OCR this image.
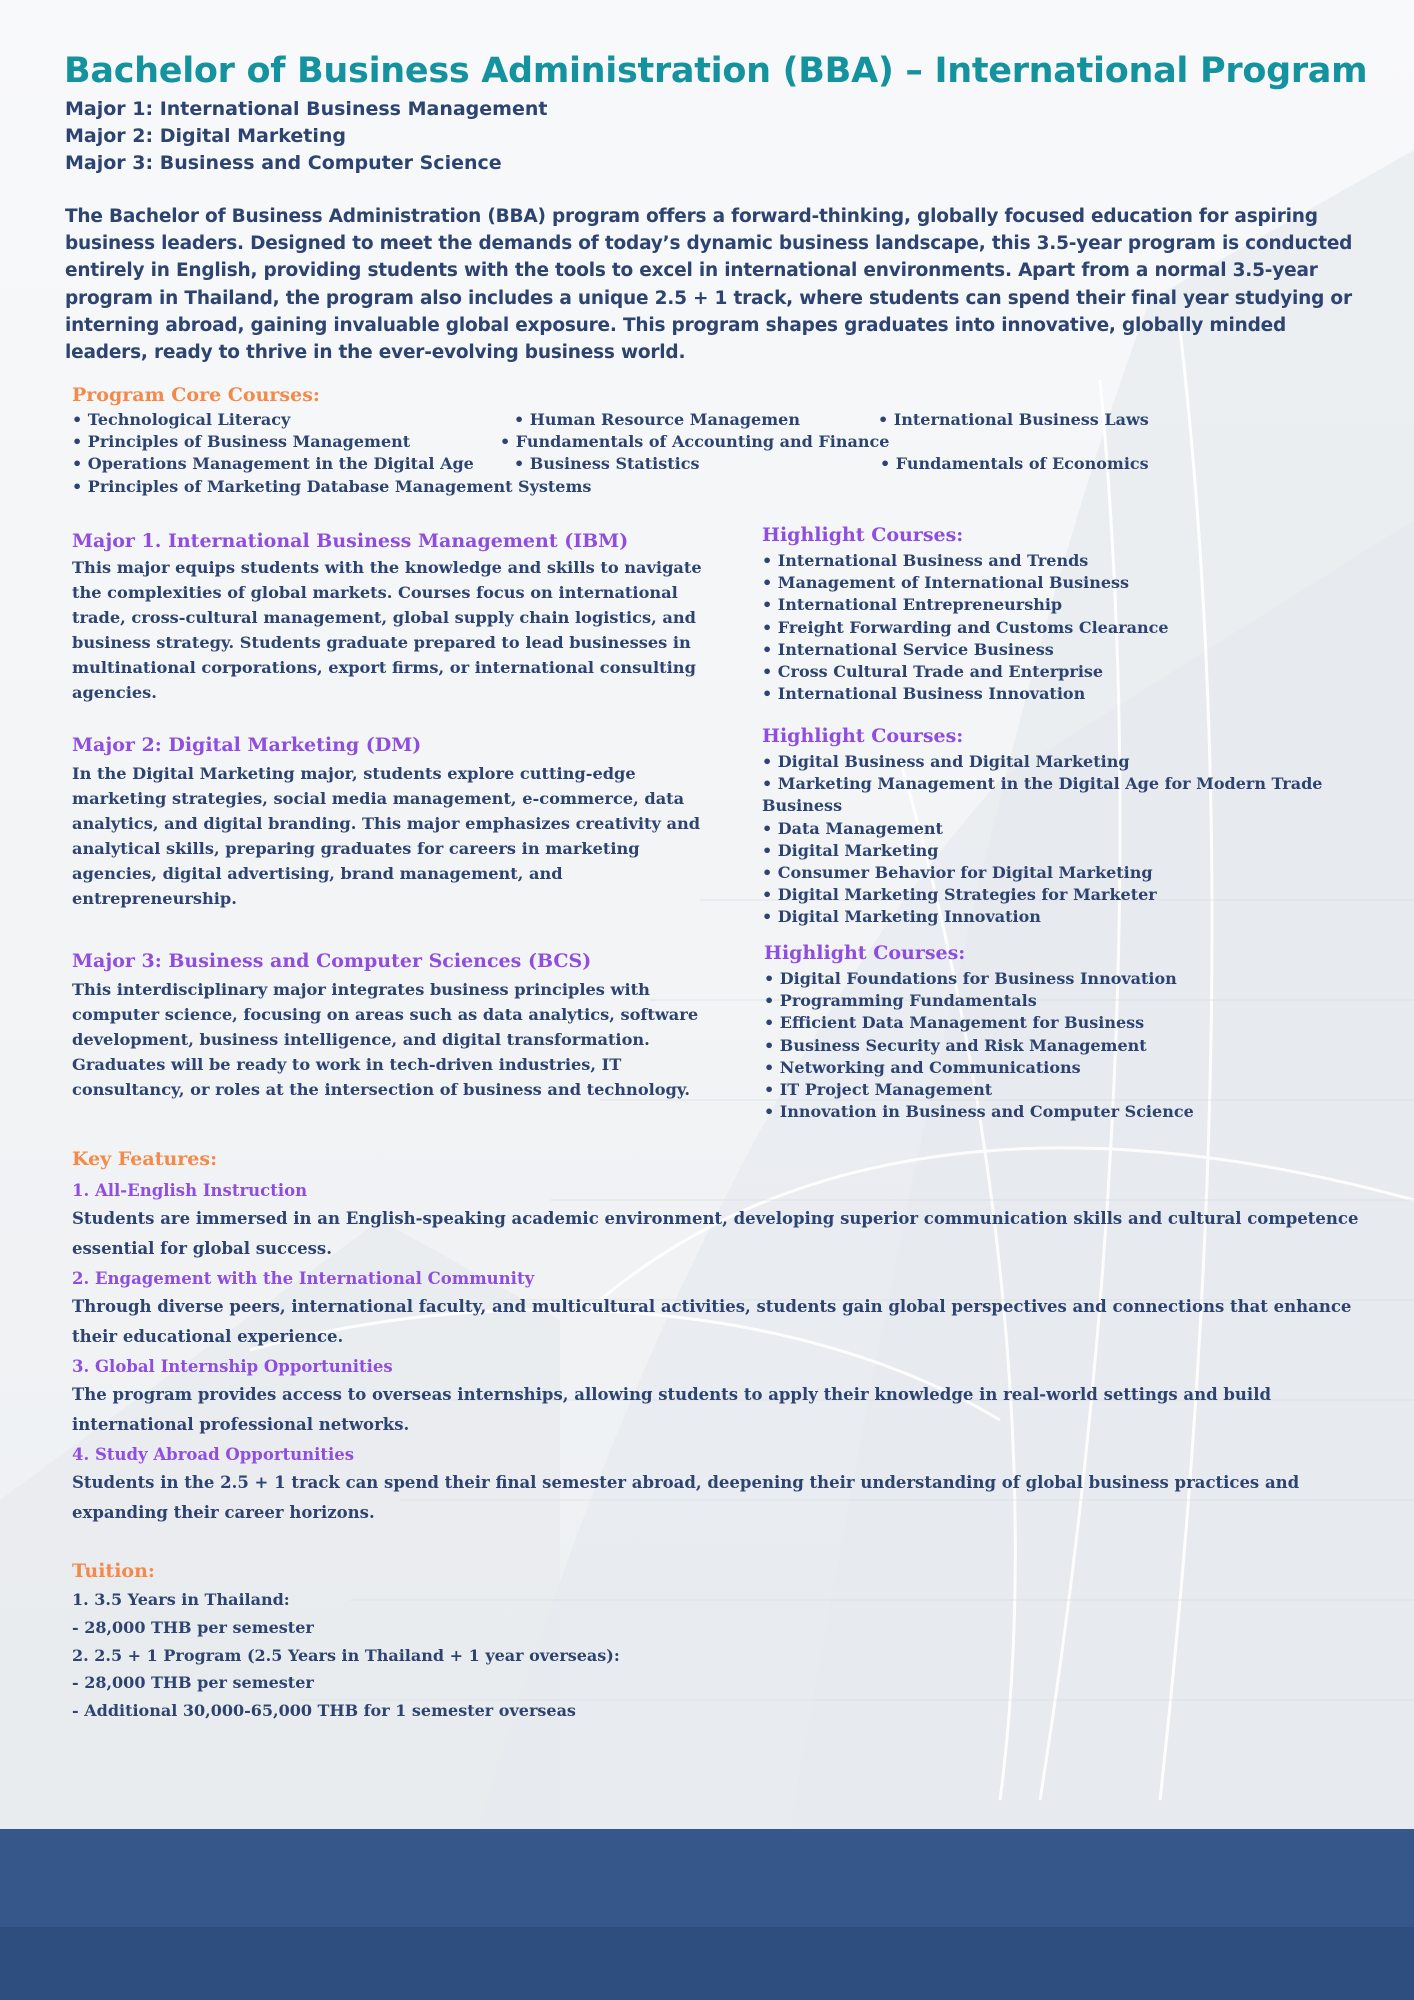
Bachelor of Business Administration (BBA) – International Program
Major 1: International Business Management
Major 2: Digital Marketing
Major 3: Business and Computer Science

The Bachelor of Business Administration (BBA) program offers a forward-thinking, globally focused education for aspiring business leaders. Designed to meet the demands of today’s dynamic business landscape, this 3.5-year program is conducted entirely in English, providing students with the tools to excel in international environments. Apart from a normal 3.5-year program in Thailand, the program also includes a unique 2.5 + 1 track, where students can spend their final year studying or interning abroad, gaining invaluable global exposure. This program shapes graduates into innovative, globally minded leaders, ready to thrive in the ever-evolving business world.

Program Core Courses:
• Technological Literacy	• Human Resource Managemen	• International Business Laws
• Principles of Business Management	• Fundamentals of Accounting and Finance
• Operations Management in the Digital Age	• Business Statistics	• Fundamentals of Economics
• Principles of Marketing Database Management Systems
Major 1. International Business Management (IBM)

This major equips students with the knowledge and skills to navigate the complexities of global markets. Courses focus on international trade, cross-cultural management, global supply chain logistics, and business strategy. Students graduate prepared to lead businesses in multinational corporations, export firms, or international consulting agencies.

Highlight Courses:
• International Business and Trends
• Management of International Business
• International Entrepreneurship
• Freight Forwarding and Customs Clearance
• International Service Business
• Cross Cultural Trade and Enterprise
• International Business Innovation
Major 2: Digital Marketing (DM)

In the Digital Marketing major, students explore cutting-edge marketing strategies, social media management, e-commerce, data analytics, and digital branding. This major emphasizes creativity and analytical skills, preparing graduates for careers in marketing agencies, digital advertising, brand management, and entrepreneurship.

Highlight Courses:
• Digital Business and Digital Marketing
• Marketing Management in the Digital Age for Modern Trade Business
• Data Management
• Digital Marketing
• Consumer Behavior for Digital Marketing
• Digital Marketing Strategies for Marketer
• Digital Marketing Innovation
Major 3: Business and Computer Sciences (BCS)

This interdisciplinary major integrates business principles with computer science, focusing on areas such as data analytics, software development, business intelligence, and digital transformation. Graduates will be ready to work in tech-driven industries, IT consultancy, or roles at the intersection of business and technology.

Highlight Courses:
• Digital Foundations for Business Innovation
• Programming Fundamentals
• Efficient Data Management for Business
• Business Security and Risk Management
• Networking and Communications
• IT Project Management
• Innovation in Business and Computer Science
Key Features:
1. All-English Instruction

Students are immersed in an English-speaking academic environment, developing superior communication skills and cultural competence essential for global success.

2. Engagement with the International Community

Through diverse peers, international faculty, and multicultural activities, students gain global perspectives and connections that enhance their educational experience.

3. Global Internship Opportunities

The program provides access to overseas internships, allowing students to apply their knowledge in real-world settings and build international professional networks.

4. Study Abroad Opportunities

Students in the 2.5 + 1 track can spend their final semester abroad, deepening their understanding of global business practices and expanding their career horizons.

Tuition:
1. 3.5 Years in Thailand:
- 28,000 THB per semester
2. 2.5 + 1 Program (2.5 Years in Thailand + 1 year overseas):
- 28,000 THB per semester
- Additional 30,000-65,000 THB for 1 semester overseas
